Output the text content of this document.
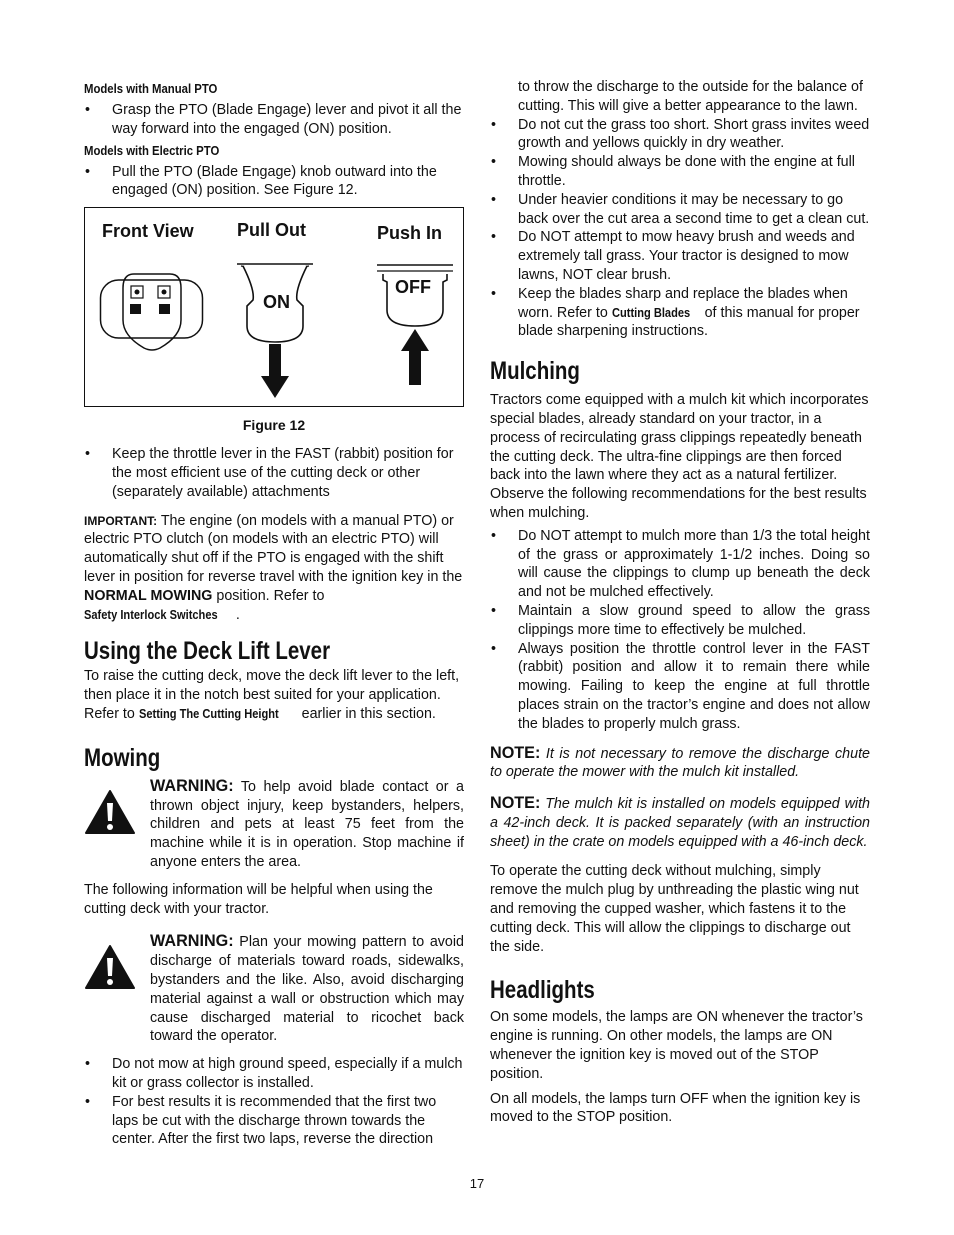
Models with Manual PTO
• Grasp the PTO (Blade Engage) lever and pivot it all the way forward into the engaged (ON) position.
Models with Electric PTO
• Pull the PTO (Blade Engage) knob outward into the engaged (ON) position. See Figure 12.
Front View Pull Out	Push In
ON
OFF
Figure 12
• Keep the throttle lever in the FAST (rabbit) position for the most efficient use of the cutting deck or other (separately available) attachments

IMPORTANT: The engine (on models with a manual PTO) or electric PTO clutch (on models with an electric PTO) will automatically shut off if the PTO is engaged with the shift lever in position for reverse travel with the ignition key in the NORMAL MOWING position. Refer to Safety Interlock Switches .

Using the Deck Lift Lever

To raise the cutting deck, move the deck lift lever to the left, then place it in the notch best suited for your application. Refer to Setting The Cutting Height earlier in this section.

Mowing

WARNING: To help avoid blade contact or a thrown object injury, keep bystanders, helpers, children and pets at least 75 feet from the machine while it is in operation. Stop machine if anyone enters the area.

The following information will be helpful when using the cutting deck with your tractor.

WARNING: Plan your mowing pattern to avoid discharge of materials toward roads, sidewalks, bystanders and the like. Also, avoid discharging material against a wall or obstruction which may cause discharged material to ricochet back toward the operator.

• Do not mow at high ground speed, especially if a mulch kit or grass collector is installed.
• For best results it is recommended that the first two laps be cut with the discharge thrown towards the center. After the first two laps, reverse the direction

to throw the discharge to the outside for the balance of cutting. This will give a better appearance to the lawn.

• Do not cut the grass too short. Short grass invites weed growth and yellows quickly in dry weather.
• Mowing should always be done with the engine at full throttle.
• Under heavier conditions it may be necessary to go back over the cut area a second time to get a clean cut.
• Do NOT attempt to mow heavy brush and weeds and extremely tall grass. Your tractor is designed to mow lawns, NOT clear brush.
• Keep the blades sharp and replace the blades when worn. Refer to Cutting Blades of this manual for proper blade sharpening instructions.
Mulching

Tractors come equipped with a mulch kit which incorporates special blades, already standard on your tractor, in a process of recirculating grass clippings repeatedly beneath the cutting deck. The ultra-fine clippings are then forced back into the lawn where they act as a natural fertilizer. Observe the following recommendations for the best results when mulching.

• Do NOT attempt to mulch more than 1/3 the total height of the grass or approximately 1-1/2 inches. Doing so will cause the clippings to clump up beneath the deck and not be mulched effectively.
• Maintain a slow ground speed to allow the grass clippings more time to effectively be mulched.
• Always position the throttle control lever in the FAST (rabbit) position and allow it to remain there while mowing. Failing to keep the engine at full throttle places strain on the tractor’s engine and does not allow the blades to properly mulch grass.

NOTE: It is not necessary to remove the discharge chute to operate the mower with the mulch kit installed.

NOTE: The mulch kit is installed on models equipped with a 42-inch deck. It is packed separately (with an instruction sheet) in the crate on models equipped with a 46-inch deck.

To operate the cutting deck without mulching, simply remove the mulch plug by unthreading the plastic wing nut and removing the cupped washer, which fastens it to the cutting deck. This will allow the clippings to discharge out the side.

Headlights

On some models, the lamps are ON whenever the tractor’s engine is running. On other models, the lamps are ON whenever the ignition key is moved out of the STOP position.

On all models, the lamps turn OFF when the ignition key is moved to the STOP position.

17
